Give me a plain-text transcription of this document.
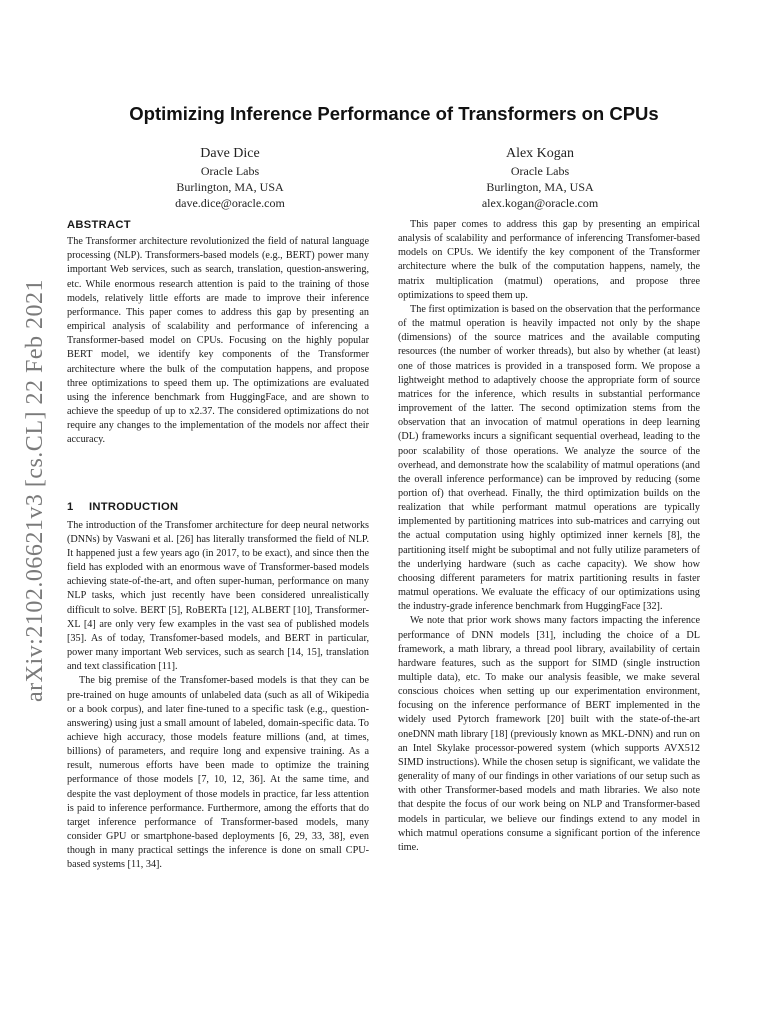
arXiv:2102.06621v3 [cs.CL] 22 Feb 2021
Optimizing Inference Performance of Transformers on CPUs
Dave Dice
Oracle Labs
Burlington, MA, USA
dave.dice@oracle.com
Alex Kogan
Oracle Labs
Burlington, MA, USA
alex.kogan@oracle.com
ABSTRACT

The Transformer architecture revolutionized the field of natural language processing (NLP). Transformers-based models (e.g., BERT) power many important Web services, such as search, translation, question-answering, etc. While enormous research attention is paid to the training of those models, relatively little efforts are made to improve their inference performance. This paper comes to address this gap by presenting an empirical analysis of scalability and performance of inferencing a Transformer-based model on CPUs. Focusing on the highly popular BERT model, we identify key components of the Transformer architecture where the bulk of the computation happens, and propose three optimizations to speed them up. The optimizations are evaluated using the inference benchmark from HuggingFace, and are shown to achieve the speedup of up to x2.37. The considered optimizations do not require any changes to the implementation of the models nor affect their accuracy.

1 INTRODUCTION

The introduction of the Transfomer architecture for deep neural networks (DNNs) by Vaswani et al. [26] has literally transformed the field of NLP. It happened just a few years ago (in 2017, to be exact), and since then the field has exploded with an enormous wave of Transformer-based models achieving state-of-the-art, and often super-human, performance on many NLP tasks, which just recently have been considered unrealistically difficult to solve. BERT [5], RoBERTa [12], ALBERT [10], Transformer-XL [4] are only very few examples in the vast sea of published models [35]. As of today, Transfomer-based models, and BERT in particular, power many important Web services, such as search [14, 15], translation and text classification [11].

The big premise of the Transfomer-based models is that they can be pre-trained on huge amounts of unlabeled data (such as all of Wikipedia or a book corpus), and later fine-tuned to a specific task (e.g., question-answering) using just a small amount of labeled, domain-specific data. To achieve high accuracy, those models feature millions (and, at times, billions) of parameters, and require long and expensive training. As a result, numerous efforts have been made to optimize the training performance of those models [7, 10, 12, 36]. At the same time, and despite the vast deployment of those models in practice, far less attention is paid to inference performance. Furthermore, among the efforts that do target inference performance of Transformer-based models, many consider GPU or smartphone-based deployments [6, 29, 33, 38], even though in many practical settings the inference is done on small CPU-based systems [11, 34].

This paper comes to address this gap by presenting an empirical analysis of scalability and performance of inferencing Transfomer-based models on CPUs. We identify the key component of the Transformer architecture where the bulk of the computation happens, namely, the matrix multiplication (matmul) operations, and propose three optimizations to speed them up.

The first optimization is based on the observation that the performance of the matmul operation is heavily impacted not only by the shape (dimensions) of the source matrices and the available computing resources (the number of worker threads), but also by whether (at least) one of those matrices is provided in a transposed form. We propose a lightweight method to adaptively choose the appropriate form of source matrices for the inference, which results in substantial performance improvement of the latter. The second optimization stems from the observation that an invocation of matmul operations in deep learning (DL) frameworks incurs a significant sequential overhead, leading to the poor scalability of those operations. We analyze the source of the overhead, and demonstrate how the scalability of matmul operations (and the overall inference performance) can be improved by reducing (some portion of) that overhead. Finally, the third optimization builds on the realization that while performant matmul operations are typically implemented by partitioning matrices into sub-matrices and carrying out the actual computation using highly optimized inner kernels [8], the partitioning itself might be suboptimal and not fully utilize parameters of the underlying hardware (such as cache capacity). We show how choosing different parameters for matrix partitioning results in faster matmul operations. We evaluate the efficacy of our optimizations using the industry-grade inference benchmark from HuggingFace [32].

We note that prior work shows many factors impacting the inference performance of DNN models [31], including the choice of a DL framework, a math library, a thread pool library, availability of certain hardware features, such as the support for SIMD (single instruction multiple data), etc. To make our analysis feasible, we make several conscious choices when setting up our experimentation environment, focusing on the inference performance of BERT implemented in the widely used Pytorch framework [20] built with the state-of-the-art oneDNN math library [18] (previously known as MKL-DNN) and run on an Intel Skylake processor-powered system (which supports AVX512 SIMD instructions). While the chosen setup is significant, we validate the generality of many of our findings in other variations of our setup such as with other Transformer-based models and math libraries. We also note that despite the focus of our work being on NLP and Transformer-based models in particular, we believe our findings extend to any model in which matmul operations consume a significant portion of the inference time.
